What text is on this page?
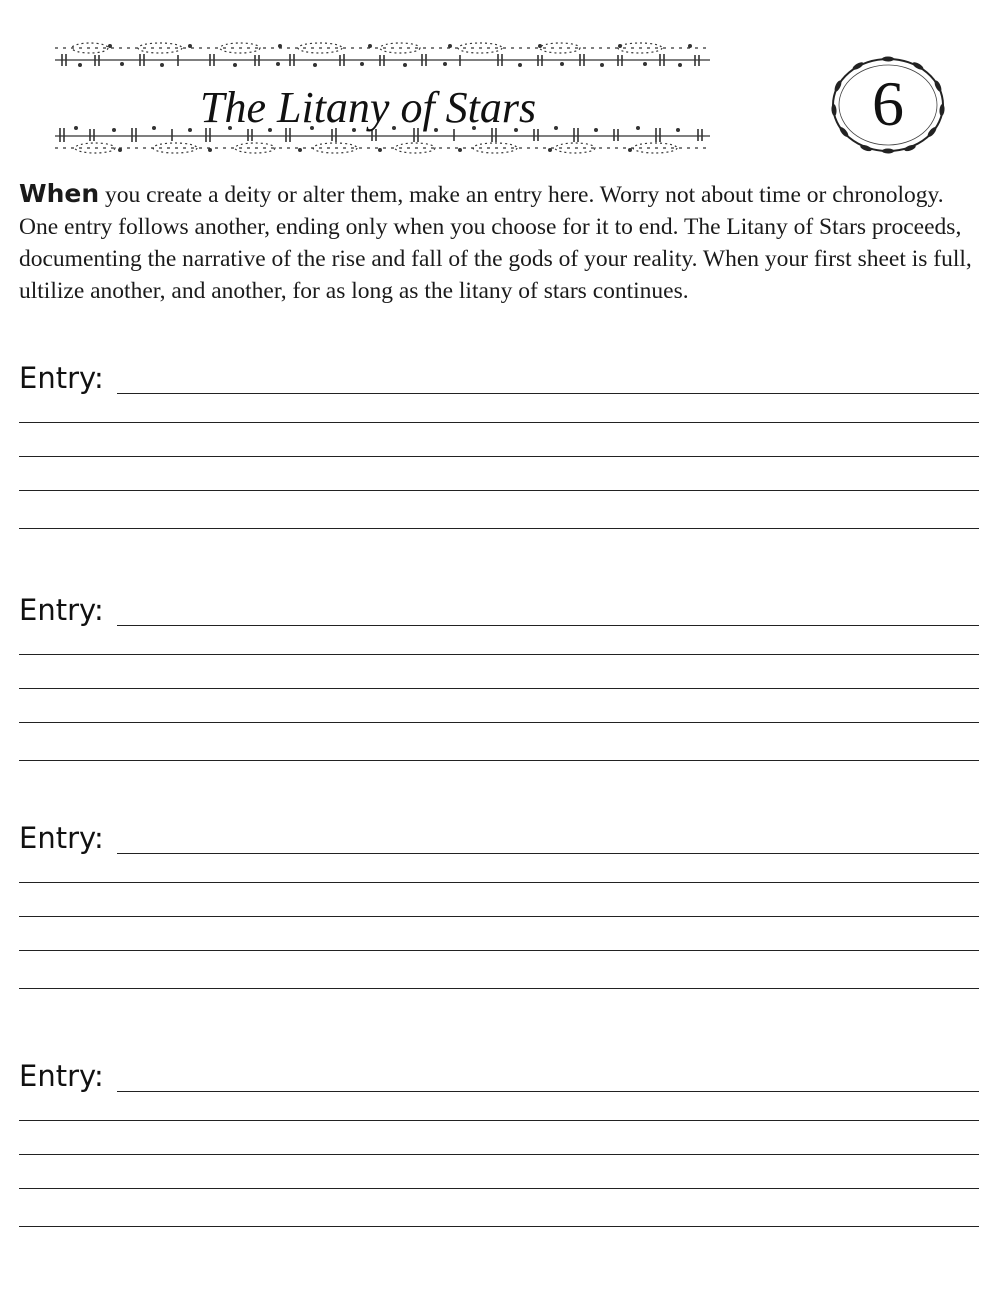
The Litany of Stars	6

When you create a deity or alter them, make an entry here. Worry not about time or chronology. One entry follows another, ending only when you choose for it to end. The Litany of Stars proceeds, documenting the narrative of the rise and fall of the gods of your reality. When your first sheet is full, ultilize another, and another, for as long as the litany of stars continues.

Entry:
Entry:
Entry:
Entry:
